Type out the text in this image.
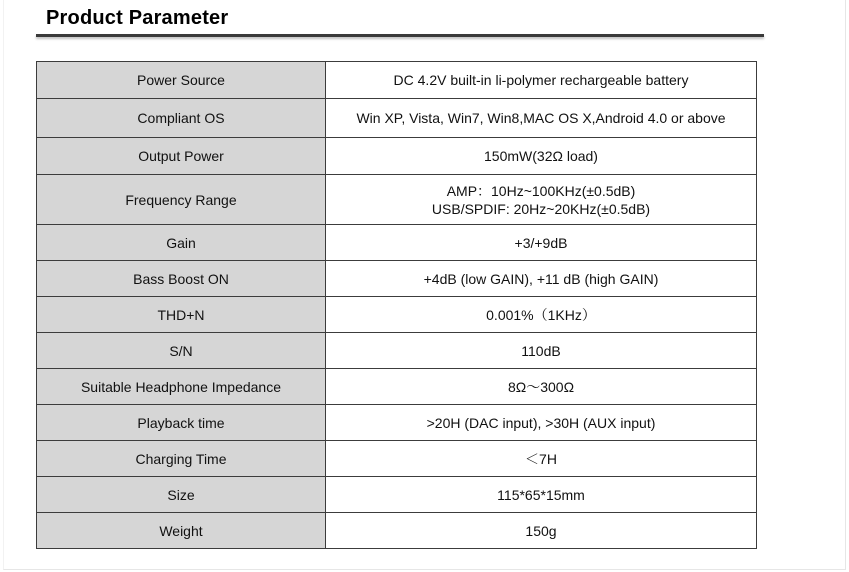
Product Parameter
Power Source	DC 4.2V built-in li-polymer rechargeable battery
Compliant OS	Win XP, Vista, Win7, Win8,MAC OS X,Android 4.0 or above
Output Power	150mW(32Ω load)
Frequency Range	AMP：10Hz~100KHz(±0.5dB)
USB/SPDIF: 20Hz~20KHz(±0.5dB)

Gain	+3/+9dB
Bass Boost ON	+4dB (low GAIN), +11 dB (high GAIN)
THD+N	0.001%（1KHz）
S/N	110dB
Suitable Headphone Impedance	8Ω～300Ω
Playback time	>20H (DAC input), >30H (AUX input)
Charging Time	＜7H
Size	115*65*15mm
Weight	150g
